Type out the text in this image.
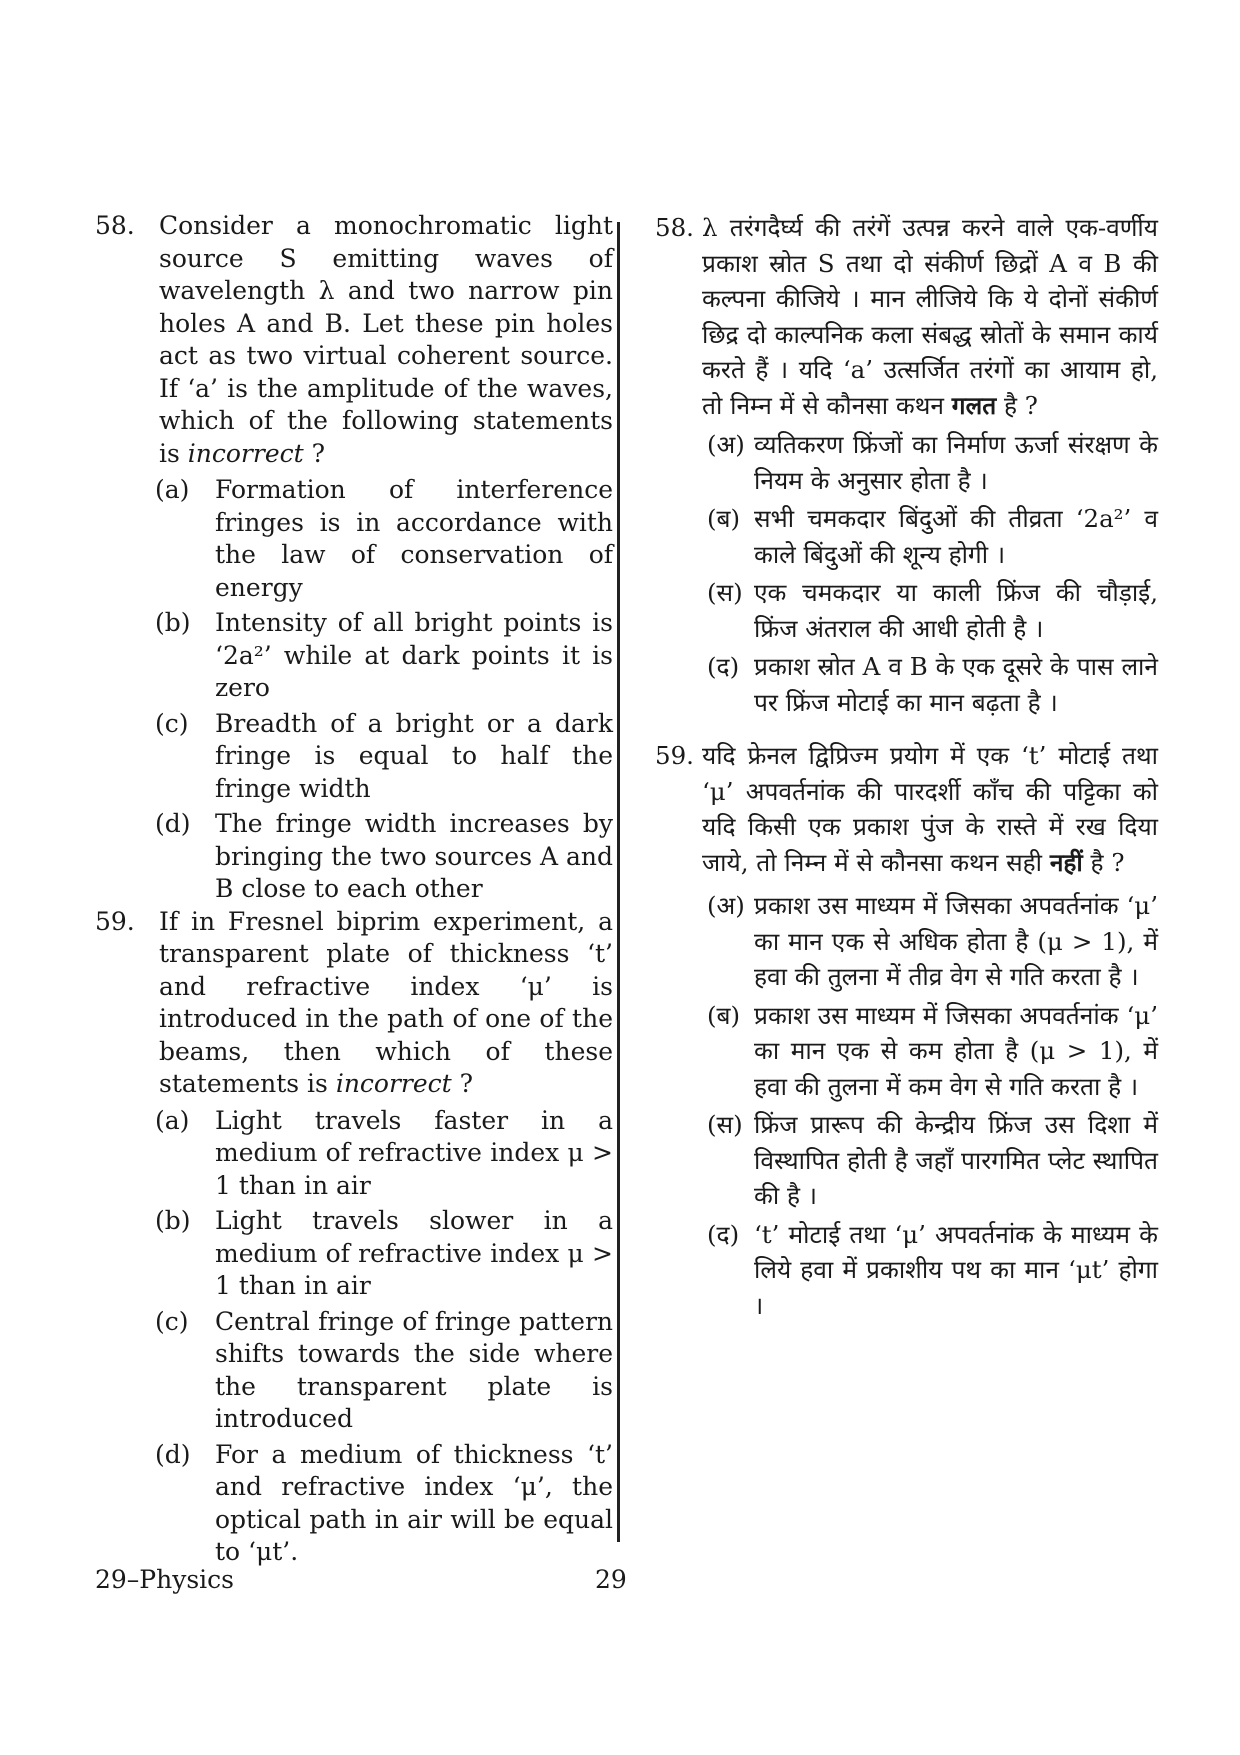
58. Consider a monochromatic light source S emitting waves of wavelength λ and two narrow pin holes A and B. Let these pin holes act as two virtual coherent source. If ‘a’ is the amplitude of the waves, which of the following statements is incorrect ?
(a)	Formation of interference fringes is in accordance with the law of conservation of energy
(b) Intensity of all bright points is ‘2a²’ while at dark points it is zero
(c)	Breadth of a bright or a dark fringe is equal to half the fringe width
(d) The fringe width increases by bringing the two sources A and B close to each other
59. If in Fresnel biprim experiment, a transparent plate of thickness ‘t’ and refractive index ‘μ’ is introduced in the path of one of the beams, then which of these statements is incorrect ?
(a)	Light travels faster in a medium of refractive index μ > 1 than in air
(b) Light travels slower in a medium of refractive index μ > 1 than in air
(c)	Central fringe of fringe pattern shifts towards the side where the transparent plate is introduced
(d) For a medium of thickness ‘t’ and refractive index ‘μ’, the optical path in air will be equal to ‘μt’.
58. λ तरंगदैर्घ्य की तरंगें उत्पन्न करने वाले एक-वर्णीय प्रकाश स्रोत S तथा दो संकीर्ण छिद्रों A व B की कल्पना कीजिये । मान लीजिये कि ये दोनों संकीर्ण छिद्र दो काल्पनिक कला संबद्ध स्रोतों के समान कार्य करते हैं । यदि ‘a’ उत्सर्जित तरंगों का आयाम हो, तो निम्न में से कौनसा कथन गलत है ?
(अ) व्यतिकरण फ्रिंजों का निर्माण ऊर्जा संरक्षण के नियम के अनुसार होता है ।
(ब) सभी चमकदार बिंदुओं की तीव्रता ‘2a²’ व काले बिंदुओं की शून्य होगी ।
(स) एक चमकदार या काली फ्रिंज की चौड़ाई, फ्रिंज अंतराल की आधी होती है ।
(द) प्रकाश स्रोत A व B के एक दूसरे के पास लाने पर फ्रिंज मोटाई का मान बढ़ता है ।
59. यदि फ्रेनल द्विप्रिज्म प्रयोग में एक ‘t’ मोटाई तथा ‘μ’ अपवर्तनांक की पारदर्शी काँच की पट्टिका को यदि किसी एक प्रकाश पुंज के रास्ते में रख दिया जाये, तो निम्न में से कौनसा कथन सही नहीं है ?
(अ) प्रकाश उस माध्यम में जिसका अपवर्तनांक ‘μ’ का मान एक से अधिक होता है (μ > 1), में हवा की तुलना में तीव्र वेग से गति करता है ।
(ब) प्रकाश उस माध्यम में जिसका अपवर्तनांक ‘μ’ का मान एक से कम होता है (μ > 1), में हवा की तुलना में कम वेग से गति करता है ।
(स) फ्रिंज प्रारूप की केन्द्रीय फ्रिंज उस दिशा में विस्थापित होती है जहाँ पारगमित प्लेट स्थापित की है ।
(द) ‘t’ मोटाई तथा ‘μ’ अपवर्तनांक के माध्यम के लिये हवा में प्रकाशीय पथ का मान ‘μt’ होगा ।
29–Physics	29
